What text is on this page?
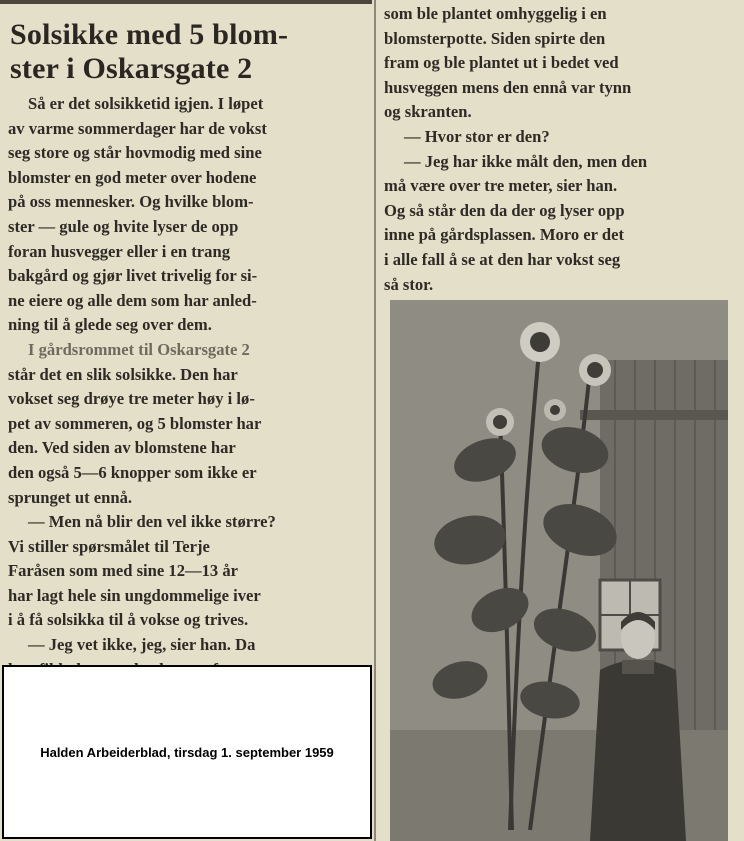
Solsikke med 5 blom-
ster i Oskarsgate 2
Så er det solsikketid igjen. I løpet
av varme sommerdager har de vokst
seg store og står hovmodig med sine
blomster en god meter over hodene
på oss mennesker. Og hvilke blom-
ster — gule og hvite lyser de opp
foran husvegger eller i en trang
bakgård og gjør livet trivelig for si-
ne eiere og alle dem som har anled-
ning til å glede seg over dem.
I gårdsrommet til Oskarsgate 2
står det en slik solsikke. Den har
vokset seg drøye tre meter høy i lø-
pet av sommeren, og 5 blomster har
den. Ved siden av blomstene har
den også 5—6 knopper som ikke er
sprunget ut ennå.
— Men nå blir den vel ikke større?
Vi stiller spørsmålet til Terje
Faråsen som med sine 12—13 år
har lagt hele sin ungdommelige iver
i å få solsikka til å vokse og trives.
— Jeg vet ikke, jeg, sier han. Da
som ble plantet omhyggelig i en
blomsterpotte. Siden spirte den
fram og ble plantet ut i bedet ved
husveggen mens den ennå var tynn
og skranten.
— Hvor stor er den?
— Jeg har ikke målt den, men den
må være over tre meter, sier han.
Og så står den da der og lyser opp
inne på gårdsplassen. Moro er det
i alle fall å se at den har vokst seg
så stor.
Halden Arbeiderblad, tirsdag 1. september 1959
